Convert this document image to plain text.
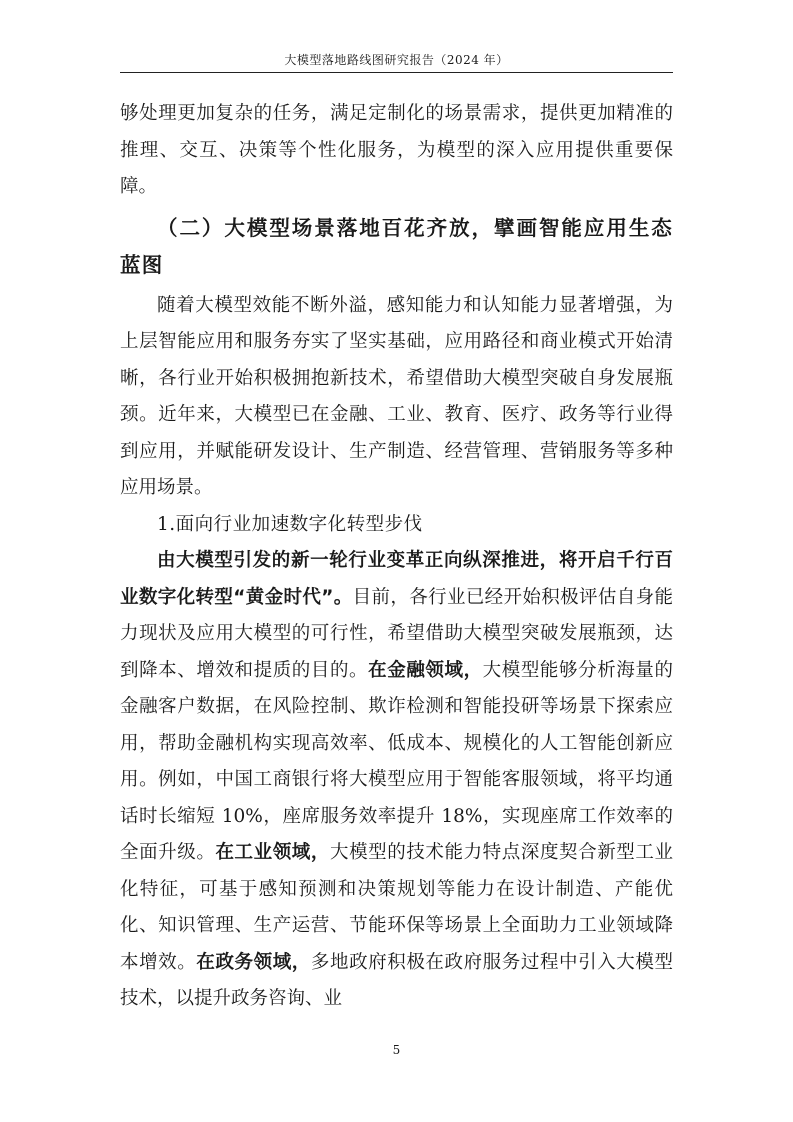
大模型落地路线图研究报告（2024 年）

够处理更加复杂的任务，满足定制化的场景需求，提供更加精准的推理、交互、决策等个性化服务，为模型的深入应用提供重要保障。

（二）大模型场景落地百花齐放，擘画智能应用生态蓝图

随着大模型效能不断外溢，感知能力和认知能力显著增强，为上层智能应用和服务夯实了坚实基础，应用路径和商业模式开始清晰，各行业开始积极拥抱新技术，希望借助大模型突破自身发展瓶颈。近年来，大模型已在金融、工业、教育、医疗、政务等行业得到应用，并赋能研发设计、生产制造、经营管理、营销服务等多种应用场景。

1.面向行业加速数字化转型步伐

由大模型引发的新一轮行业变革正向纵深推进，将开启千行百业数字化转型“黄金时代”。目前，各行业已经开始积极评估自身能力现状及应用大模型的可行性，希望借助大模型突破发展瓶颈，达到降本、增效和提质的目的。在金融领域，大模型能够分析海量的金融客户数据，在风险控制、欺诈检测和智能投研等场景下探索应用，帮助金融机构实现高效率、低成本、规模化的人工智能创新应用。例如，中国工商银行将大模型应用于智能客服领域，将平均通话时长缩短 10%，座席服务效率提升 18%，实现座席工作效率的全面升级。在工业领域，大模型的技术能力特点深度契合新型工业化特征，可基于感知预测和决策规划等能力在设计制造、产能优化、知识管理、生产运营、节能环保等场景上全面助力工业领域降本增效。在政务领域，多地政府积极在政府服务过程中引入大模型技术，以提升政务咨询、业

5
